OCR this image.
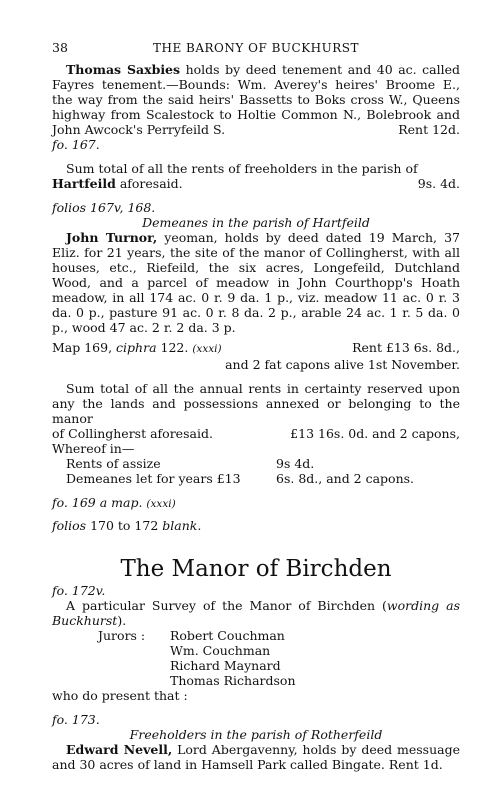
38	THE BARONY OF BUCKHURST

Thomas Saxbies holds by deed tenement and 40 ac. called Fayres tenement.—Bounds: Wm. Averey's heires' Broome E., the way from the said heirs' Bassetts to Boks cross W., Queens highway from Scalestock to Holtie Common N., Bolebrook and John Awcock's Perryfeild S.	Rent 12d.

fo. 167.

Sum total of all the rents of freeholders in the parish of

Hartfeild aforesaid.	9s. 4d.

folios 167v, 168.

Demeanes in the parish of Hartfeild

John Turnor, yeoman, holds by deed dated 19 March, 37 Eliz. for 21 years, the site of the manor of Collingherst, with all houses, etc., Riefeild, the six acres, Longefeild, Dutchland Wood, and a parcel of meadow in John Courthopp's Hoath meadow, in all 174 ac. 0 r. 9 da. 1 p., viz. meadow 11 ac. 0 r. 3 da. 0 p., pasture 91 ac. 0 r. 8 da. 2 p., arable 24 ac. 1 r. 5 da. 0 p., wood 47 ac. 2 r. 2 da. 3 p.

Map 169, ciphra 122. (xxxi)	Rent £13 6s. 8d.,

and 2 fat capons alive 1st November.

Sum total of all the annual rents in certainty reserved upon any the lands and possessions annexed or belonging to the manor

of Collingherst aforesaid.	£13 16s. 0d. and 2 capons,

Whereof in—

Rents of assize	9s 4d.
Demeanes let for years £13	6s. 8d., and 2 capons.

fo. 169 a map. (xxxi)

folios 170 to 172 blank.

The Manor of Birchden

fo. 172v.

A particular Survey of the Manor of Birchden (wording as Buckhurst).

Jurors :	Robert Couchman
Wm. Couchman
Richard Maynard
Thomas Richardson

who do present that :

fo. 173.

Freeholders in the parish of Rotherfeild

Edward Nevell, Lord Abergavenny, holds by deed messuage and 30 acres of land in Hamsell Park called Bingate. Rent 1d.
